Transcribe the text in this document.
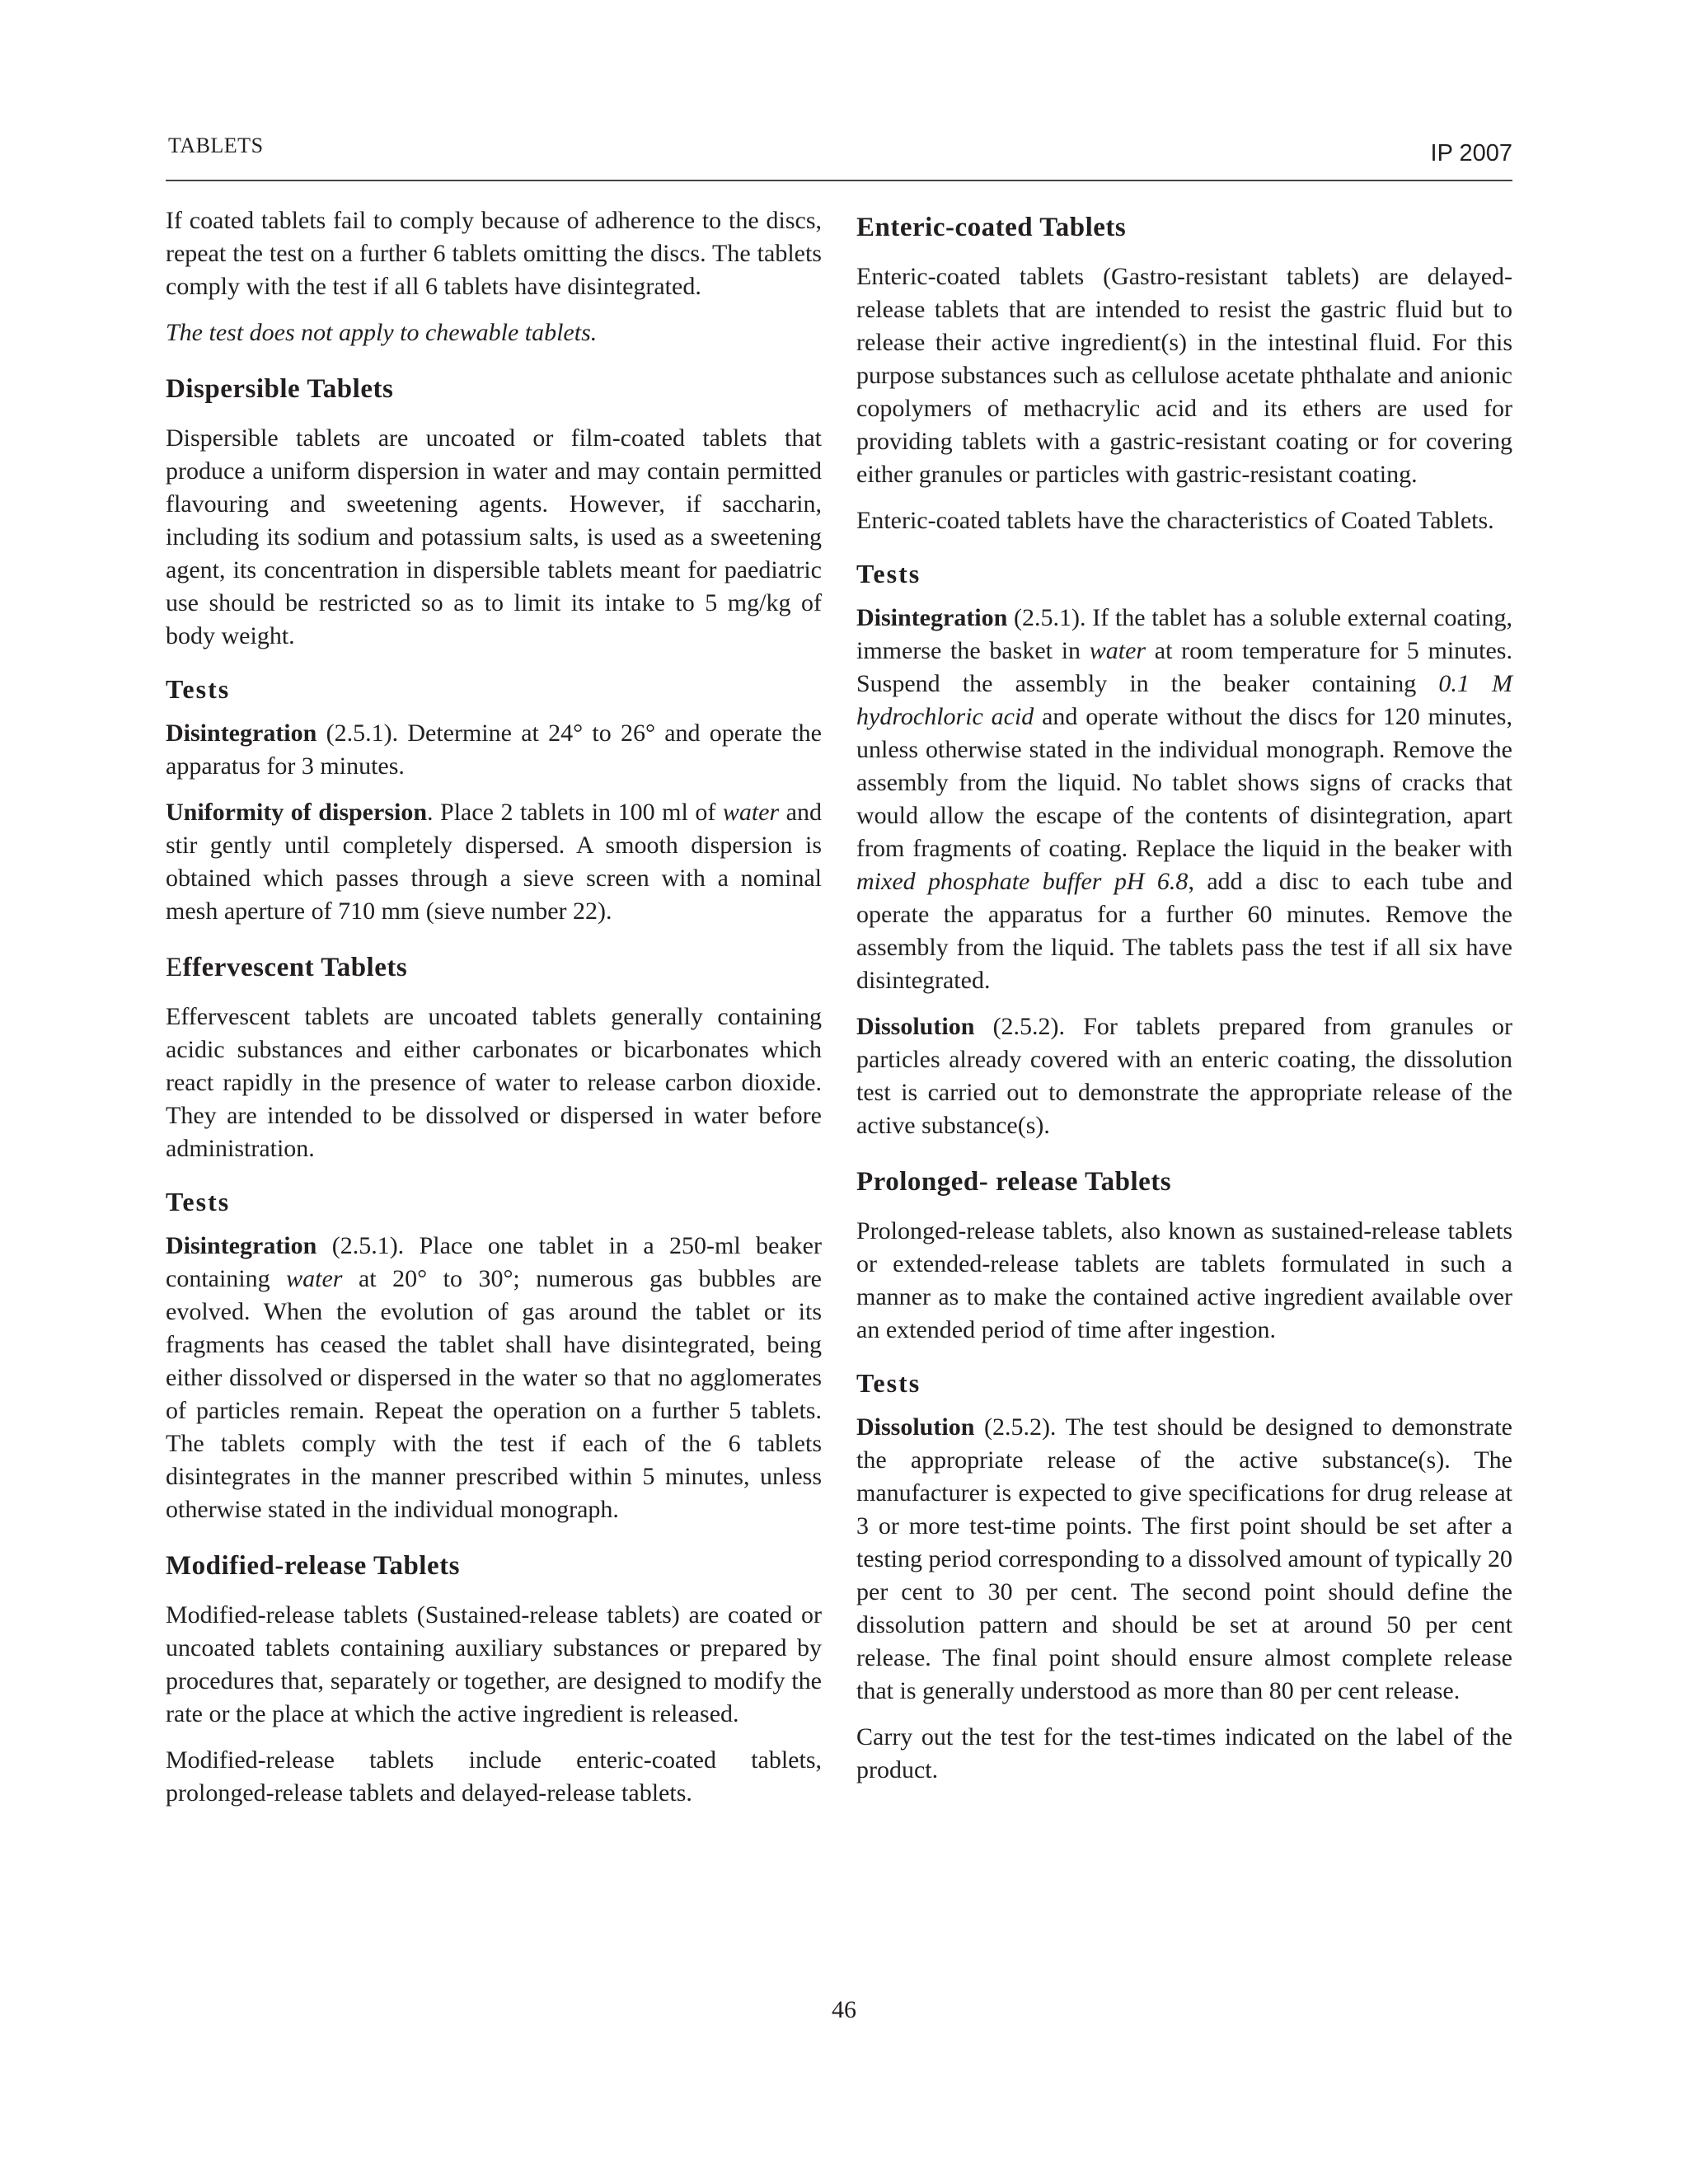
TABLETS	IP 2007

If coated tablets fail to comply because of adherence to the discs, repeat the test on a further 6 tablets omitting the discs. The tablets comply with the test if all 6 tablets have disintegrated.

The test does not apply to chewable tablets.

Dispersible Tablets

Dispersible tablets are uncoated or film-coated tablets that produce a uniform dispersion in water and may contain permitted flavouring and sweetening agents. However, if saccharin, including its sodium and potassium salts, is used as a sweetening agent, its concentration in dispersible tablets meant for paediatric use should be restricted so as to limit its intake to 5 mg/kg of body weight.

Tests

Disintegration (2.5.1). Determine at 24° to 26° and operate the apparatus for 3 minutes.

Uniformity of dispersion. Place 2 tablets in 100 ml of water and stir gently until completely dispersed. A smooth dispersion is obtained which passes through a sieve screen with a nominal mesh aperture of 710 mm (sieve number 22).

Effervescent Tablets

Effervescent tablets are uncoated tablets generally containing acidic substances and either carbonates or bicarbonates which react rapidly in the presence of water to release carbon dioxide. They are intended to be dissolved or dispersed in water before administration.

Tests

Disintegration (2.5.1). Place one tablet in a 250-ml beaker containing water at 20° to 30°; numerous gas bubbles are evolved. When the evolution of gas around the tablet or its fragments has ceased the tablet shall have disintegrated, being either dissolved or dispersed in the water so that no agglomerates of particles remain. Repeat the operation on a further 5 tablets. The tablets comply with the test if each of the 6 tablets disintegrates in the manner prescribed within 5 minutes, unless otherwise stated in the individual monograph.

Modified-release Tablets

Modified-release tablets (Sustained-release tablets) are coated or uncoated tablets containing auxiliary substances or prepared by procedures that, separately or together, are designed to modify the rate or the place at which the active ingredient is released.

Modified-release tablets include enteric-coated tablets, prolonged-release tablets and delayed-release tablets.

Enteric-coated Tablets

Enteric-coated tablets (Gastro-resistant tablets) are delayed-release tablets that are intended to resist the gastric fluid but to release their active ingredient(s) in the intestinal fluid. For this purpose substances such as cellulose acetate phthalate and anionic copolymers of methacrylic acid and its ethers are used for providing tablets with a gastric-resistant coating or for covering either granules or particles with gastric-resistant coating.

Enteric-coated tablets have the characteristics of Coated Tablets.

Tests

Disintegration (2.5.1). If the tablet has a soluble external coating, immerse the basket in water at room temperature for 5 minutes. Suspend the assembly in the beaker containing 0.1 M hydrochloric acid and operate without the discs for 120 minutes, unless otherwise stated in the individual monograph. Remove the assembly from the liquid. No tablet shows signs of cracks that would allow the escape of the contents of disintegration, apart from fragments of coating. Replace the liquid in the beaker with mixed phosphate buffer pH 6.8, add a disc to each tube and operate the apparatus for a further 60 minutes. Remove the assembly from the liquid. The tablets pass the test if all six have disintegrated.

Dissolution (2.5.2). For tablets prepared from granules or particles already covered with an enteric coating, the dissolution test is carried out to demonstrate the appropriate release of the active substance(s).

Prolonged- release Tablets

Prolonged-release tablets, also known as sustained-release tablets or extended-release tablets are tablets formulated in such a manner as to make the contained active ingredient available over an extended period of time after ingestion.

Tests

Dissolution (2.5.2). The test should be designed to demonstrate the appropriate release of the active substance(s). The manufacturer is expected to give specifications for drug release at 3 or more test-time points. The first point should be set after a testing period corresponding to a dissolved amount of typically 20 per cent to 30 per cent. The second point should define the dissolution pattern and should be set at around 50 per cent release. The final point should ensure almost complete release that is generally understood as more than 80 per cent release.

Carry out the test for the test-times indicated on the label of the product.

46
